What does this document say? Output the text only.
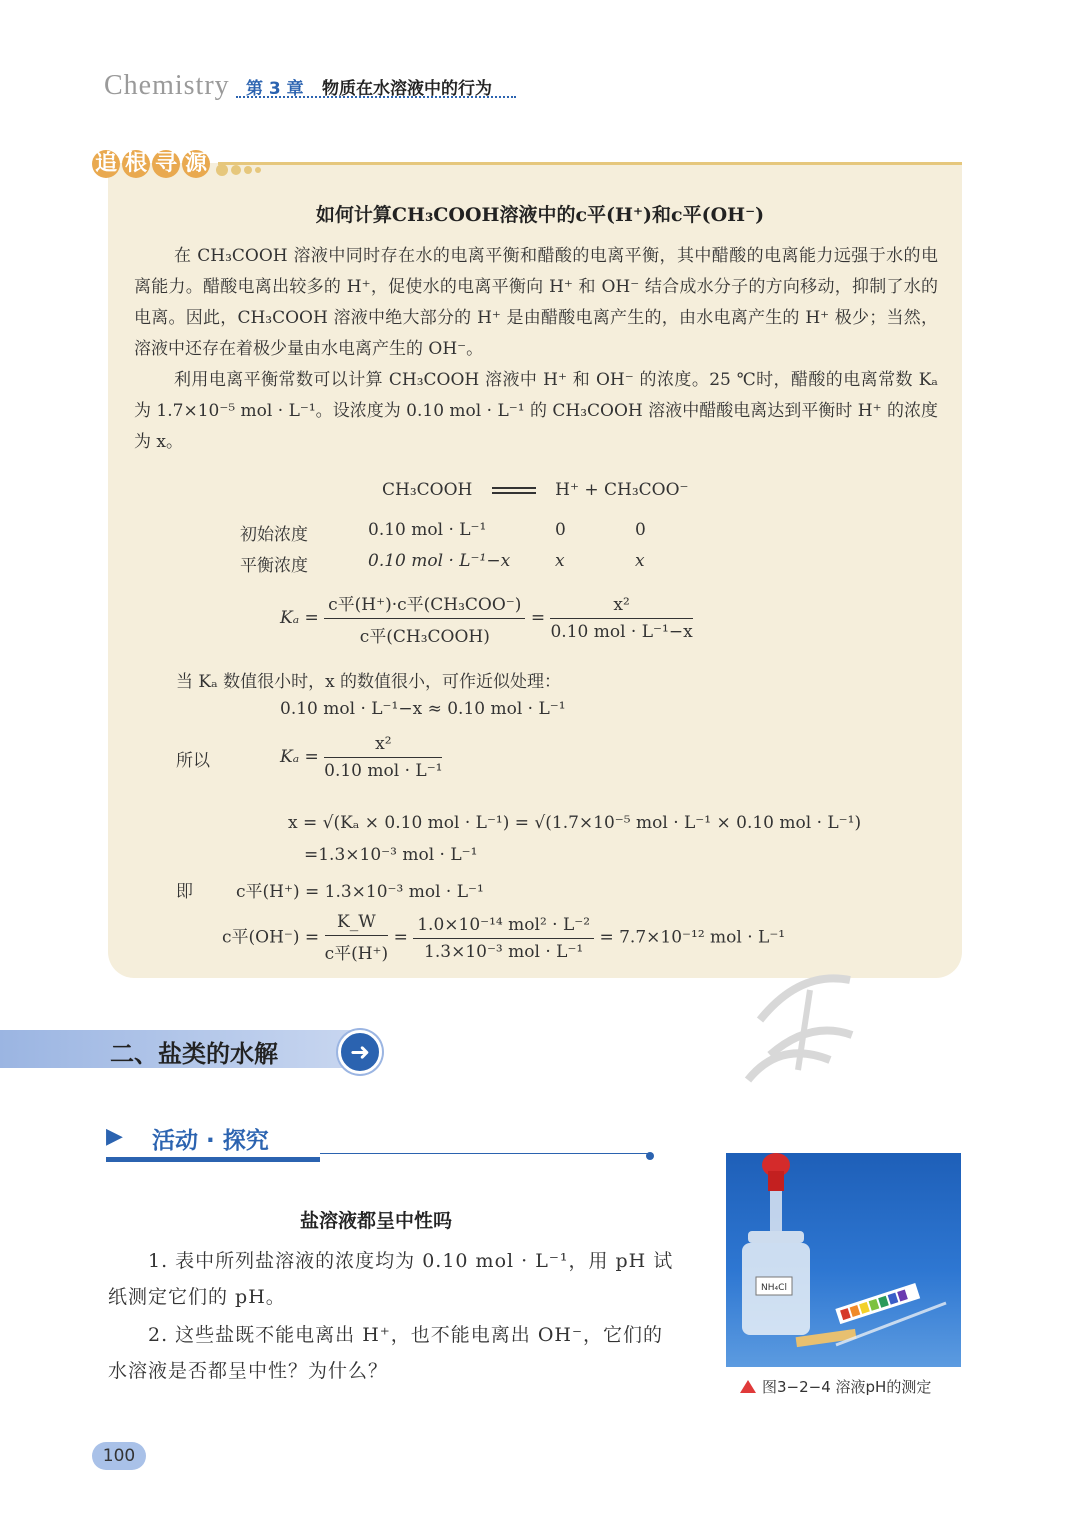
Chemistry 第 3 章 物质在水溶液中的行为
追 根 寻 源
如何计算CH₃COOH溶液中的c平(H⁺)和c平(OH⁻)

在 CH₃COOH 溶液中同时存在水的电离平衡和醋酸的电离平衡，其中醋酸的电离能力远强于水的电离能力。醋酸电离出较多的 H⁺，促使水的电离平衡向 H⁺ 和 OH⁻ 结合成水分子的方向移动，抑制了水的电离。因此，CH₃COOH 溶液中绝大部分的 H⁺ 是由醋酸电离产生的，由水电离产生的 H⁺ 极少；当然，溶液中还存在着极少量由水电离产生的 OH⁻。

利用电离平衡常数可以计算 CH₃COOH 溶液中 H⁺ 和 OH⁻ 的浓度。25 ℃时，醋酸的电离常数 Kₐ 为 1.7×10⁻⁵ mol · L⁻¹。设浓度为 0.10 mol · L⁻¹ 的 CH₃COOH 溶液中醋酸电离达到平衡时 H⁺ 的浓度为 x。

CH₃COOH	H⁺ + CH₃COO⁻
初始浓度	0.10 mol · L⁻¹	0	0
平衡浓度	0.10 mol · L⁻¹−x	x	x
$K_a = \frac{\text{c平(H⁺)·c平(CH₃COO⁻)}}{\text{c平(CH₃COOH)}} = \frac{\text{x²}}{\text{0.10 mol · L⁻¹−x}}$
当 Kₐ 数值很小时，x 的数值很小，可作近似处理：
0.10 mol · L⁻¹−x ≈ 0.10 mol · L⁻¹
所以	$K_a = \frac{\text{x²}}{\text{0.10 mol · L⁻¹}}$
x = √(Kₐ × 0.10 mol · L⁻¹) = √(1.7×10⁻⁵ mol · L⁻¹ × 0.10 mol · L⁻¹)
=1.3×10⁻³ mol · L⁻¹
即	c平(H⁺) = 1.3×10⁻³ mol · L⁻¹
c平$(OH^-) = \frac{K\_W}{\text{c平(H⁺)}} = \frac{\text{1.0×10⁻¹⁴ mol² · L⁻²}}{\text{1.3×10⁻³ mol · L⁻¹}} = 7.7\times 10^{-12}$ mol · L⁻¹
二、盐类的水解	➜
▶ 活动 · 探究
盐溶液都呈中性吗

1. 表中所列盐溶液的浓度均为 0.10 mol · L⁻¹，用 pH 试纸测定它们的 pH。

2. 这些盐既不能电离出 H⁺，也不能电离出 OH⁻，它们的水溶液是否都呈中性？为什么？

NH₄Cl
图3−2−4 溶液pH的测定
100
